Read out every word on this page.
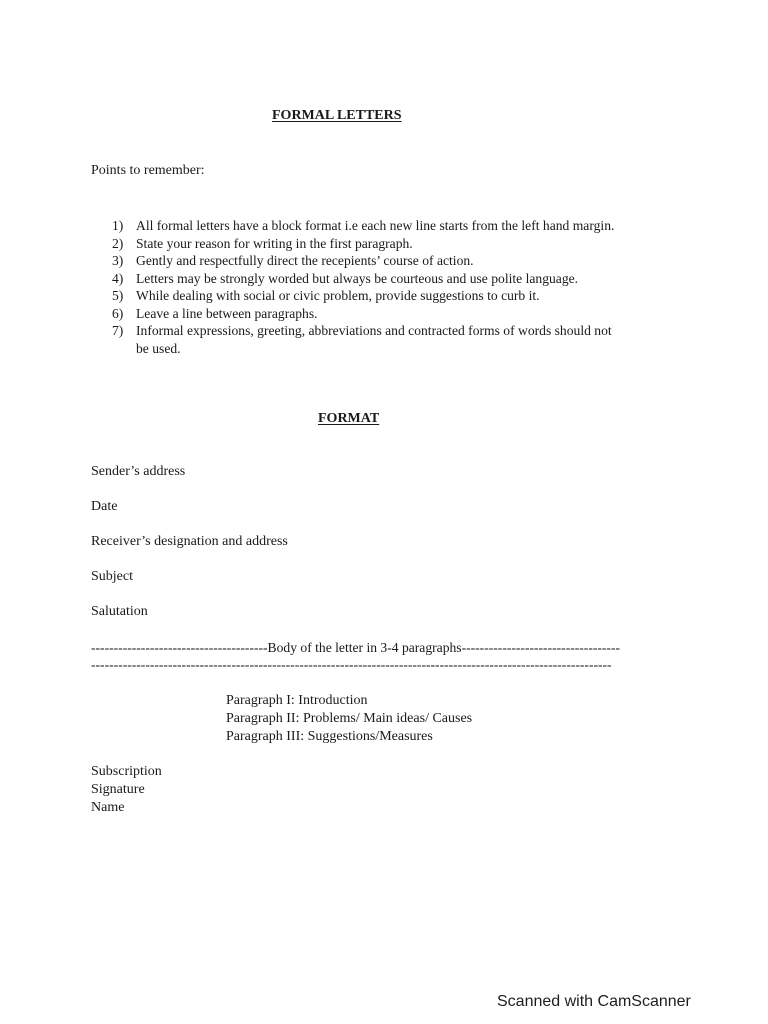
FORMAL LETTERS
Points to remember:
1) All formal letters have a block format i.e each new line starts from the left hand margin.
2) State your reason for writing in the first paragraph.
3) Gently and respectfully direct the recepients’ course of action.
4) Letters may be strongly worded but always be courteous and use polite language.
5) While dealing with social or civic problem, provide suggestions to curb it.
6) Leave a line between paragraphs.
7) Informal expressions, greeting, abbreviations and contracted forms of words should not
be used.
FORMAT
Sender’s address
Date
Receiver’s designation and address
Subject
Salutation
---------------------------------------Body of the letter in 3-4 paragraphs-----------------------------------
-------------------------------------------------------------------------------------------------------------------
Paragraph I: Introduction
Paragraph II: Problems/ Main ideas/ Causes
Paragraph III: Suggestions/Measures
Subscription
Signature
Name
Scanned with CamScanner
